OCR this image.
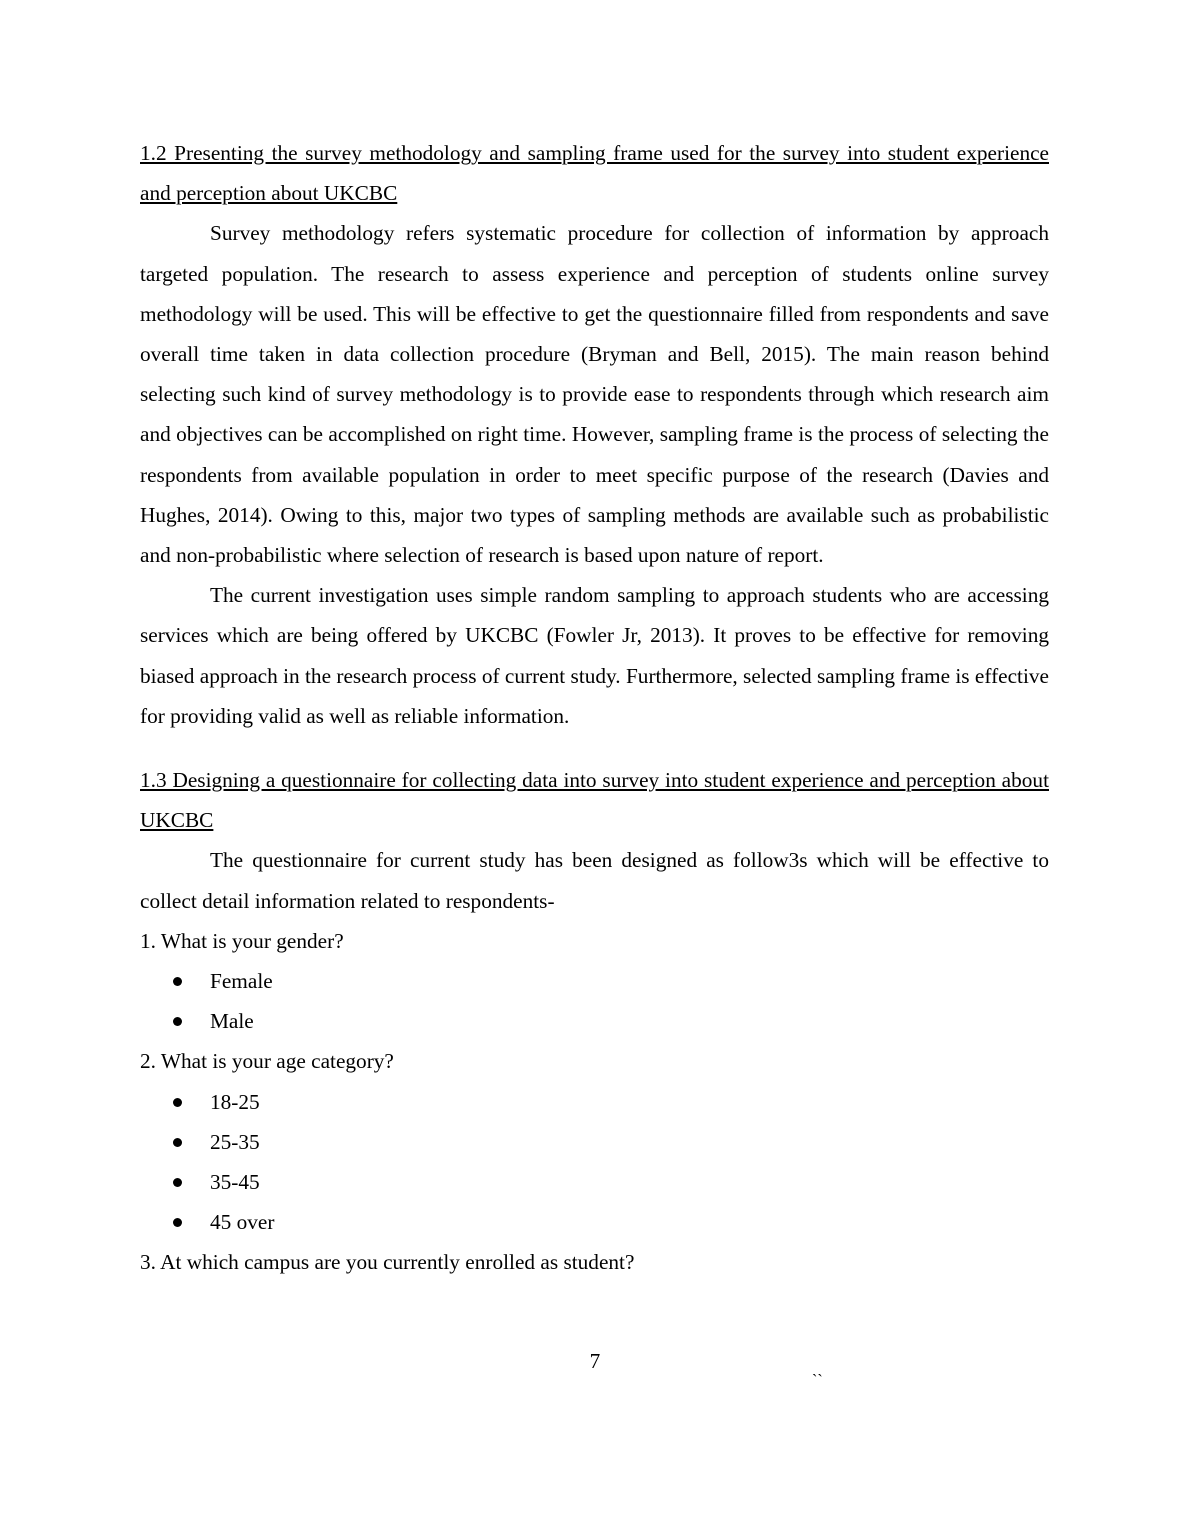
1.2 Presenting the survey methodology and sampling frame used for the survey into student experience and perception about UKCBC

Survey methodology refers systematic procedure for collection of information by approach targeted population. The research to assess experience and perception of students online survey methodology will be used. This will be effective to get the questionnaire filled from respondents and save overall time taken in data collection procedure (Bryman and Bell, 2015). The main reason behind selecting such kind of survey methodology is to provide ease to respondents through which research aim and objectives can be accomplished on right time. However, sampling frame is the process of selecting the respondents from available population in order to meet specific purpose of the research (Davies and Hughes, 2014). Owing to this, major two types of sampling methods are available such as probabilistic and non-probabilistic where selection of research is based upon nature of report.

The current investigation uses simple random sampling to approach students who are accessing services which are being offered by UKCBC (Fowler Jr, 2013). It proves to be effective for removing biased approach in the research process of current study. Furthermore, selected sampling frame is effective for providing valid as well as reliable information.

1.3 Designing a questionnaire for collecting data into survey into student experience and perception about UKCBC

The questionnaire for current study has been designed as follow3s which will be effective to collect detail information related to respondents-

1. What is your gender?

Female
Male

2. What is your age category?

18-25
25-35
35-45
45 over

3. At which campus are you currently enrolled as student?

7
``
